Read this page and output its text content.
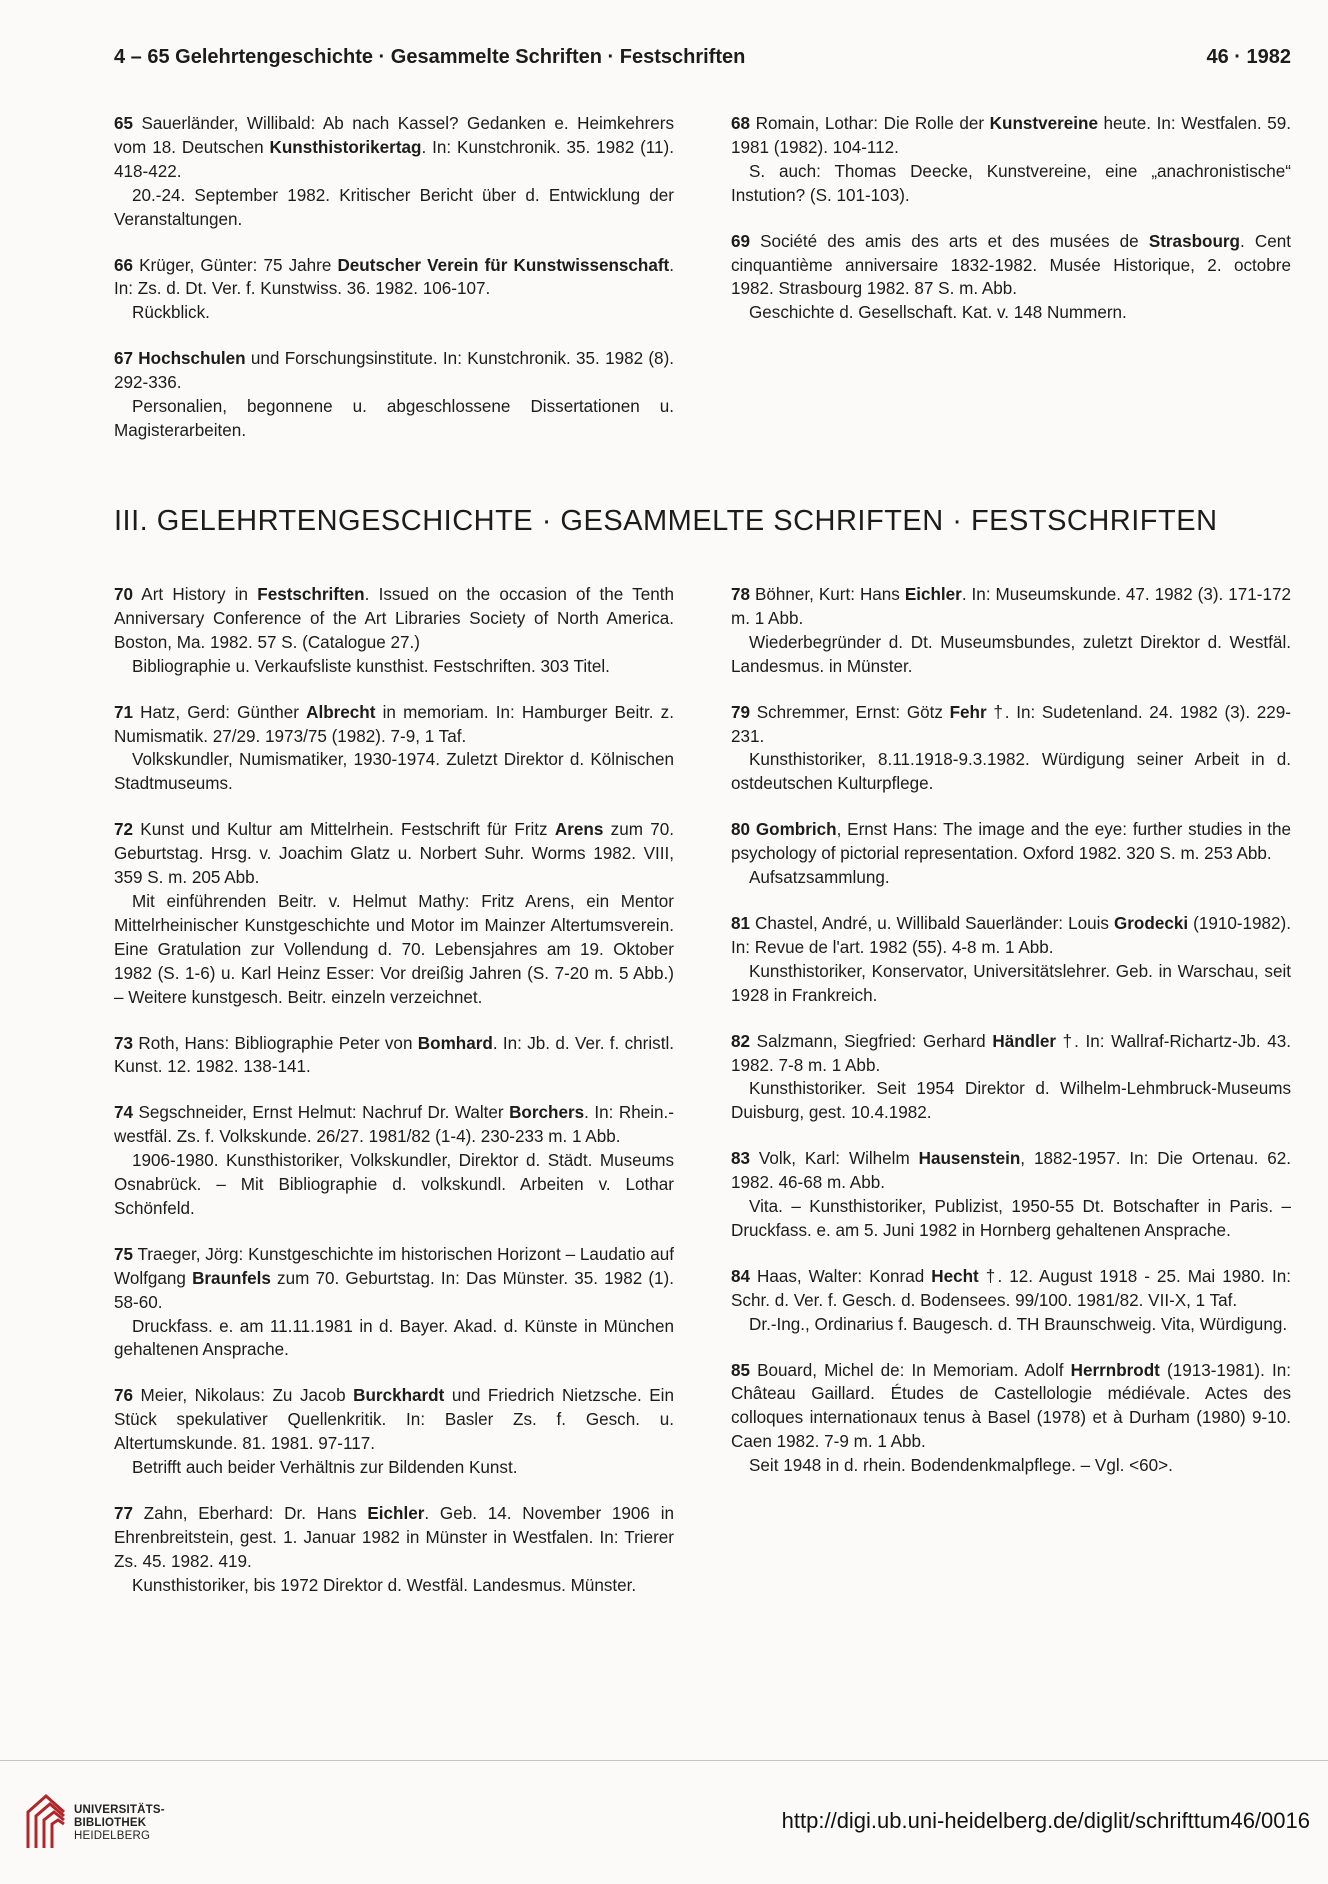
4 – 65 Gelehrtengeschichte · Gesammelte Schriften · Festschriften	46 · 1982

65 Sauerländer, Willibald: Ab nach Kassel? Gedanken e. Heimkehrers vom 18. Deutschen Kunsthistorikertag. In: Kunstchronik. 35. 1982 (11). 418-422.

20.-24. September 1982. Kritischer Bericht über d. Entwicklung der Veranstaltungen.

66 Krüger, Günter: 75 Jahre Deutscher Verein für Kunstwissenschaft. In: Zs. d. Dt. Ver. f. Kunstwiss. 36. 1982. 106-107.

Rückblick.

67 Hochschulen und Forschungsinstitute. In: Kunstchronik. 35. 1982 (8). 292-336.

Personalien, begonnene u. abgeschlossene Dissertationen u. Magisterarbeiten.

68 Romain, Lothar: Die Rolle der Kunstvereine heute. In: Westfalen. 59. 1981 (1982). 104-112.

S. auch: Thomas Deecke, Kunstvereine, eine „anachronistische“ Instution? (S. 101-103).

69 Société des amis des arts et des musées de Strasbourg. Cent cinquantième anniversaire 1832-1982. Musée Historique, 2. octobre 1982. Strasbourg 1982. 87 S. m. Abb.

Geschichte d. Gesellschaft. Kat. v. 148 Nummern.

III. GELEHRTENGESCHICHTE · GESAMMELTE SCHRIFTEN · FESTSCHRIFTEN

70 Art History in Festschriften. Issued on the occasion of the Tenth Anniversary Conference of the Art Libraries Society of North America. Boston, Ma. 1982. 57 S. (Catalogue 27.)

Bibliographie u. Verkaufsliste kunsthist. Festschriften. 303 Titel.

71 Hatz, Gerd: Günther Albrecht in memoriam. In: Hamburger Beitr. z. Numismatik. 27/29. 1973/75 (1982). 7-9, 1 Taf.

Volkskundler, Numismatiker, 1930-1974. Zuletzt Direktor d. Kölnischen Stadtmuseums.

72 Kunst und Kultur am Mittelrhein. Festschrift für Fritz Arens zum 70. Geburtstag. Hrsg. v. Joachim Glatz u. Norbert Suhr. Worms 1982. VIII, 359 S. m. 205 Abb.

Mit einführenden Beitr. v. Helmut Mathy: Fritz Arens, ein Mentor Mittelrheinischer Kunstgeschichte und Motor im Mainzer Altertumsverein. Eine Gratulation zur Vollendung d. 70. Lebensjahres am 19. Oktober 1982 (S. 1-6) u. Karl Heinz Esser: Vor dreißig Jahren (S. 7-20 m. 5 Abb.) – Weitere kunstgesch. Beitr. einzeln verzeichnet.

73 Roth, Hans: Bibliographie Peter von Bomhard. In: Jb. d. Ver. f. christl. Kunst. 12. 1982. 138-141.

74 Segschneider, Ernst Helmut: Nachruf Dr. Walter Borchers. In: Rhein.-westfäl. Zs. f. Volkskunde. 26/27. 1981/82 (1-4). 230-233 m. 1 Abb.

1906-1980. Kunsthistoriker, Volkskundler, Direktor d. Städt. Museums Osnabrück. – Mit Bibliographie d. volkskundl. Arbeiten v. Lothar Schönfeld.

75 Traeger, Jörg: Kunstgeschichte im historischen Horizont – Laudatio auf Wolfgang Braunfels zum 70. Geburtstag. In: Das Münster. 35. 1982 (1). 58-60.

Druckfass. e. am 11.11.1981 in d. Bayer. Akad. d. Künste in München gehaltenen Ansprache.

76 Meier, Nikolaus: Zu Jacob Burckhardt und Friedrich Nietzsche. Ein Stück spekulativer Quellenkritik. In: Basler Zs. f. Gesch. u. Altertumskunde. 81. 1981. 97-117.

Betrifft auch beider Verhältnis zur Bildenden Kunst.

77 Zahn, Eberhard: Dr. Hans Eichler. Geb. 14. November 1906 in Ehrenbreitstein, gest. 1. Januar 1982 in Münster in Westfalen. In: Trierer Zs. 45. 1982. 419.

Kunsthistoriker, bis 1972 Direktor d. Westfäl. Landesmus. Münster.

78 Böhner, Kurt: Hans Eichler. In: Museumskunde. 47. 1982 (3). 171-172 m. 1 Abb.

Wiederbegründer d. Dt. Museumsbundes, zuletzt Direktor d. Westfäl. Landesmus. in Münster.

79 Schremmer, Ernst: Götz Fehr †. In: Sudetenland. 24. 1982 (3). 229-231.

Kunsthistoriker, 8.11.1918-9.3.1982. Würdigung seiner Arbeit in d. ostdeutschen Kulturpflege.

80 Gombrich, Ernst Hans: The image and the eye: further studies in the psychology of pictorial representation. Oxford 1982. 320 S. m. 253 Abb.

Aufsatzsammlung.

81 Chastel, André, u. Willibald Sauerländer: Louis Grodecki (1910-1982). In: Revue de l'art. 1982 (55). 4-8 m. 1 Abb.

Kunsthistoriker, Konservator, Universitätslehrer. Geb. in Warschau, seit 1928 in Frankreich.

82 Salzmann, Siegfried: Gerhard Händler †. In: Wallraf-Richartz-Jb. 43. 1982. 7-8 m. 1 Abb.

Kunsthistoriker. Seit 1954 Direktor d. Wilhelm-Lehmbruck-Museums Duisburg, gest. 10.4.1982.

83 Volk, Karl: Wilhelm Hausenstein, 1882-1957. In: Die Ortenau. 62. 1982. 46-68 m. Abb.

Vita. – Kunsthistoriker, Publizist, 1950-55 Dt. Botschafter in Paris. – Druckfass. e. am 5. Juni 1982 in Hornberg gehaltenen Ansprache.

84 Haas, Walter: Konrad Hecht †. 12. August 1918 - 25. Mai 1980. In: Schr. d. Ver. f. Gesch. d. Bodensees. 99/100. 1981/82. VII-X, 1 Taf.

Dr.-Ing., Ordinarius f. Baugesch. d. TH Braunschweig. Vita, Würdigung.

85 Bouard, Michel de: In Memoriam. Adolf Herrnbrodt (1913-1981). In: Château Gaillard. Études de Castellologie médiévale. Actes des colloques internationaux tenus à Basel (1978) et à Durham (1980) 9-10. Caen 1982. 7-9 m. 1 Abb.

Seit 1948 in d. rhein. Bodendenkmalpflege. – Vgl. <60>.

UNIVERSITÄTS-
BIBLIOTHEK
HEIDELBERG
http://digi.ub.uni-heidelberg.de/diglit/schrifttum46/0016
